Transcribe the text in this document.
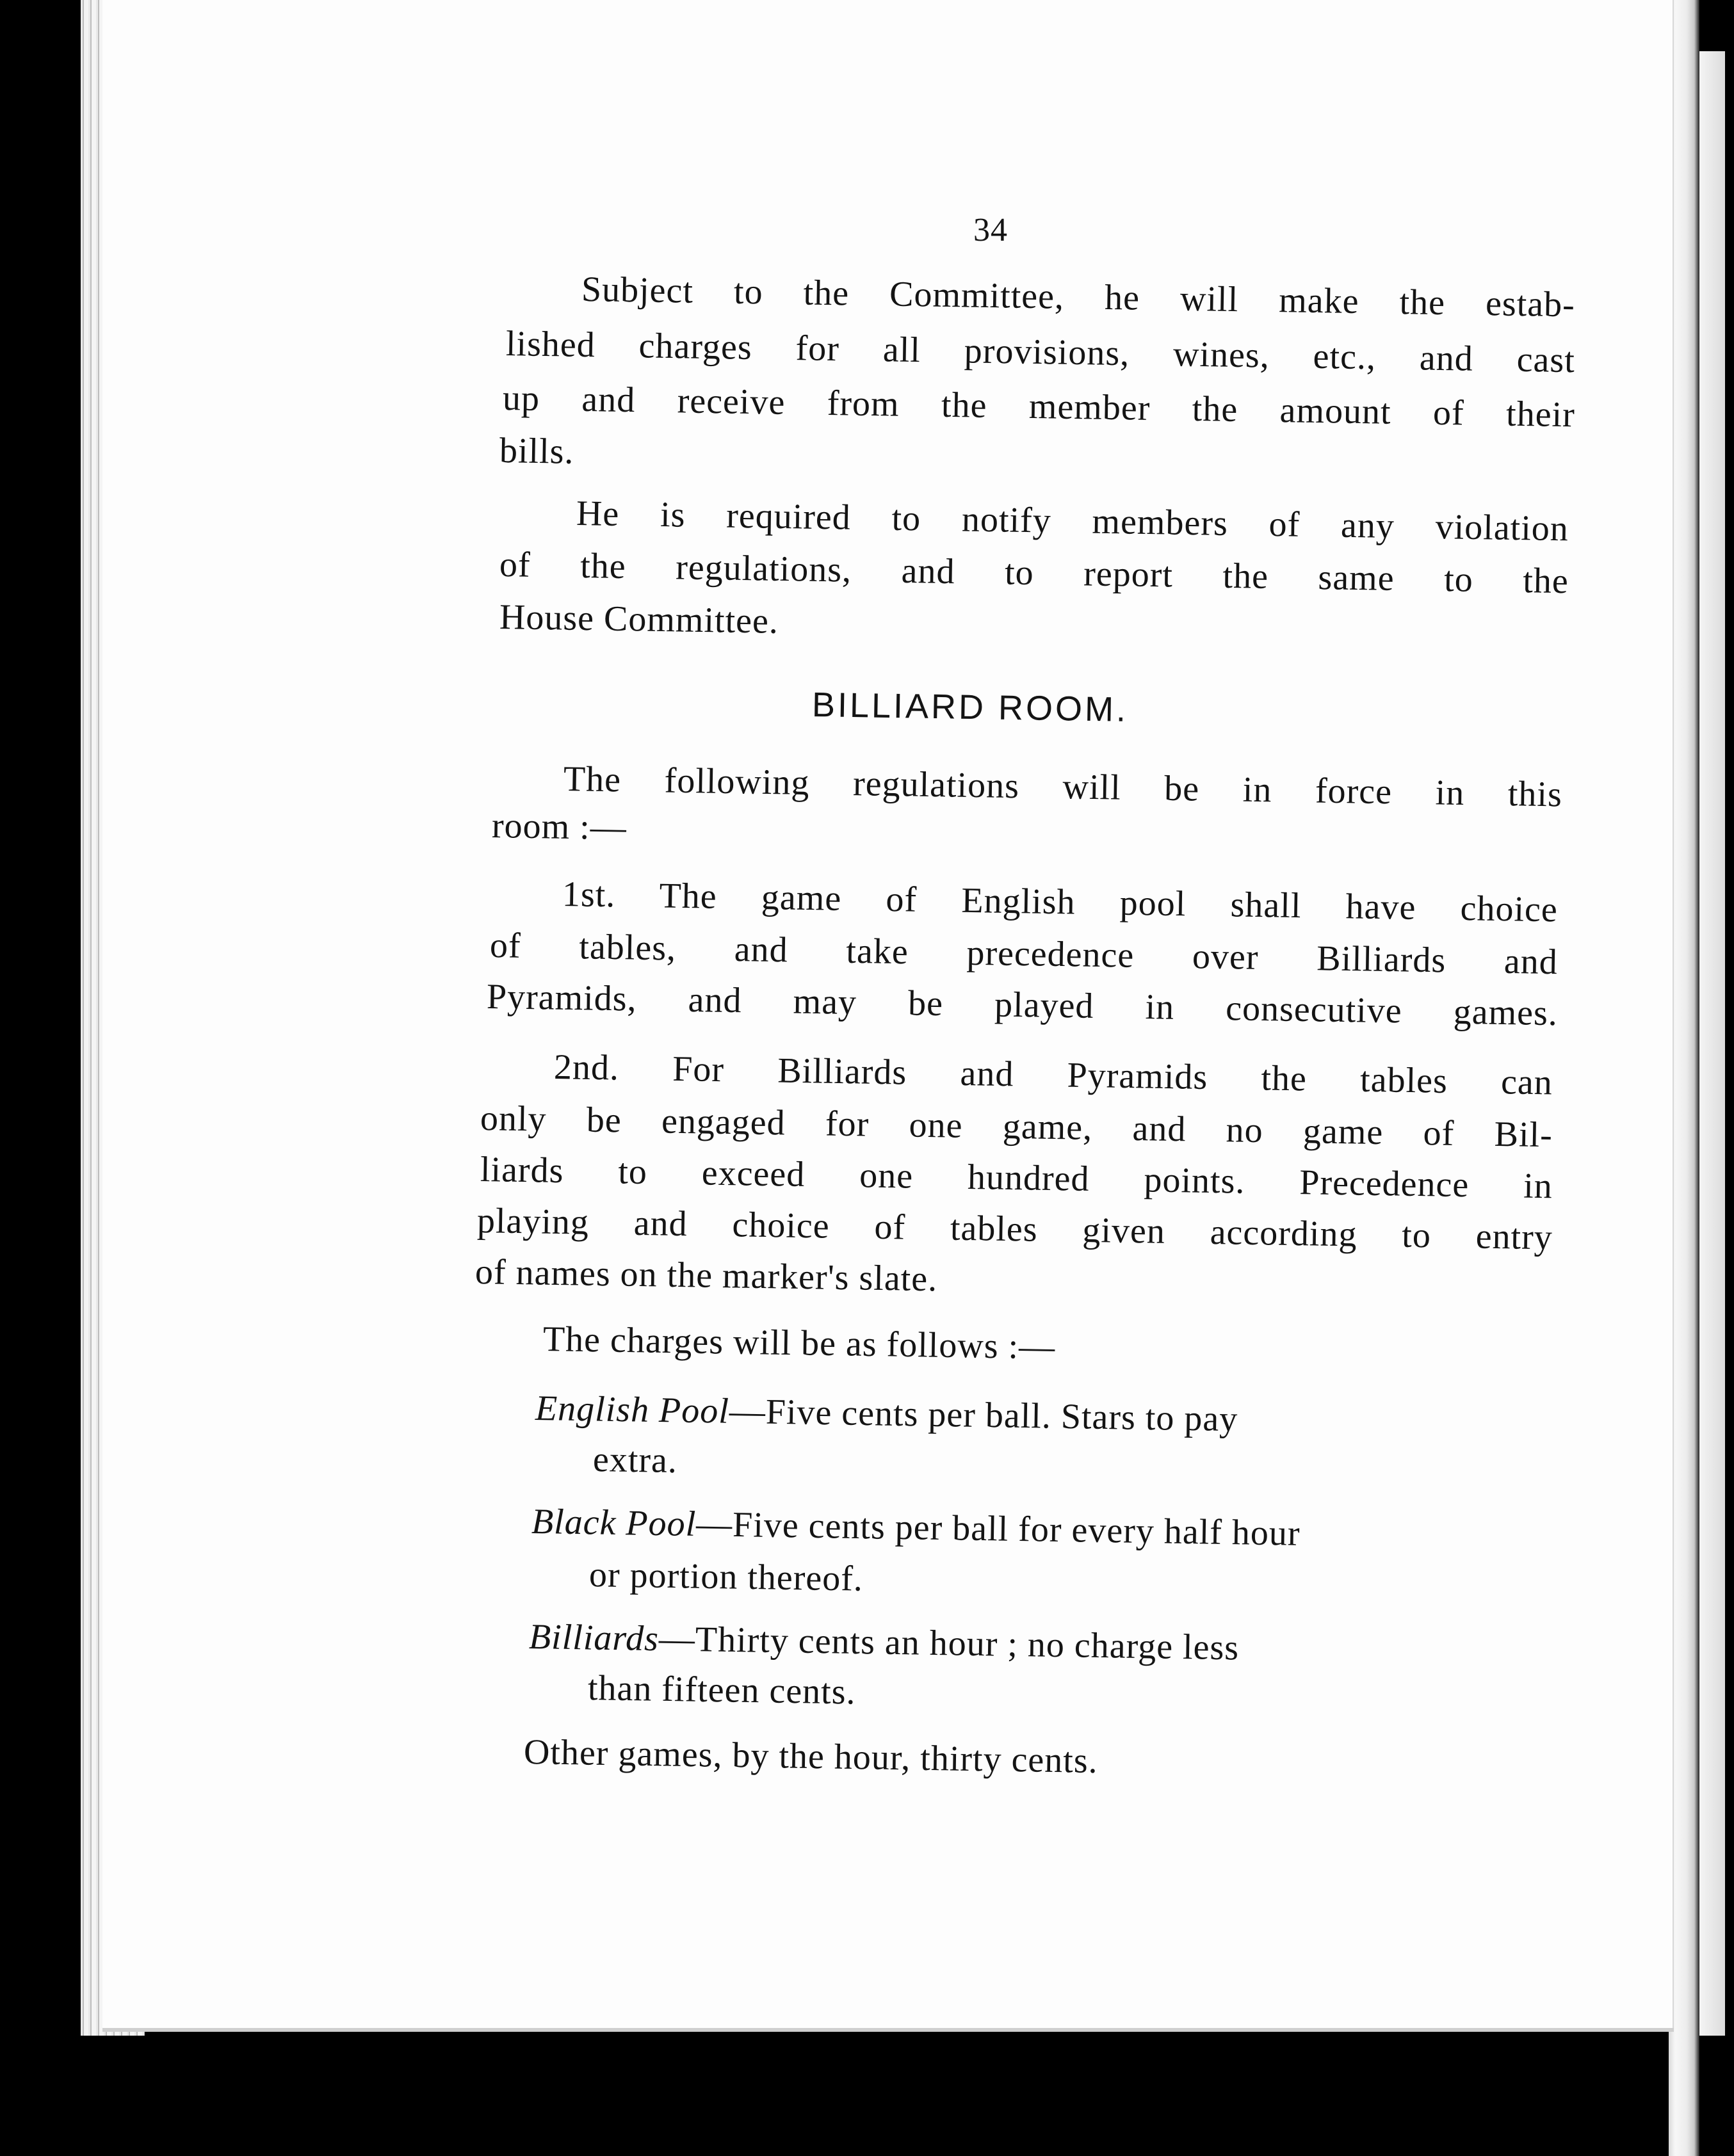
34
Subject to the Committee, he will make the estab-
lished charges for all provisions, wines, etc., and cast
up and receive from the member the amount of their
bills.
He is required to notify members of any violation
of the regulations, and to report the same to the
House Committee.
BILLIARD ROOM.
The following regulations will be in force in this
room :—
1st. The game of English pool shall have choice
of tables, and take precedence over Billiards and
Pyramids, and may be played in consecutive games.
2nd. For Billiards and Pyramids the tables can
only be engaged for one game, and no game of Bil-
liards to exceed one hundred points. Precedence in
playing and choice of tables given according to entry
of names on the marker's slate.
The charges will be as follows :—
English Pool—Five cents per ball. Stars to pay
extra.
Black Pool—Five cents per ball for every half hour
or portion thereof.
Billiards—Thirty cents an hour ; no charge less
than fifteen cents.
Other games, by the hour, thirty cents.
